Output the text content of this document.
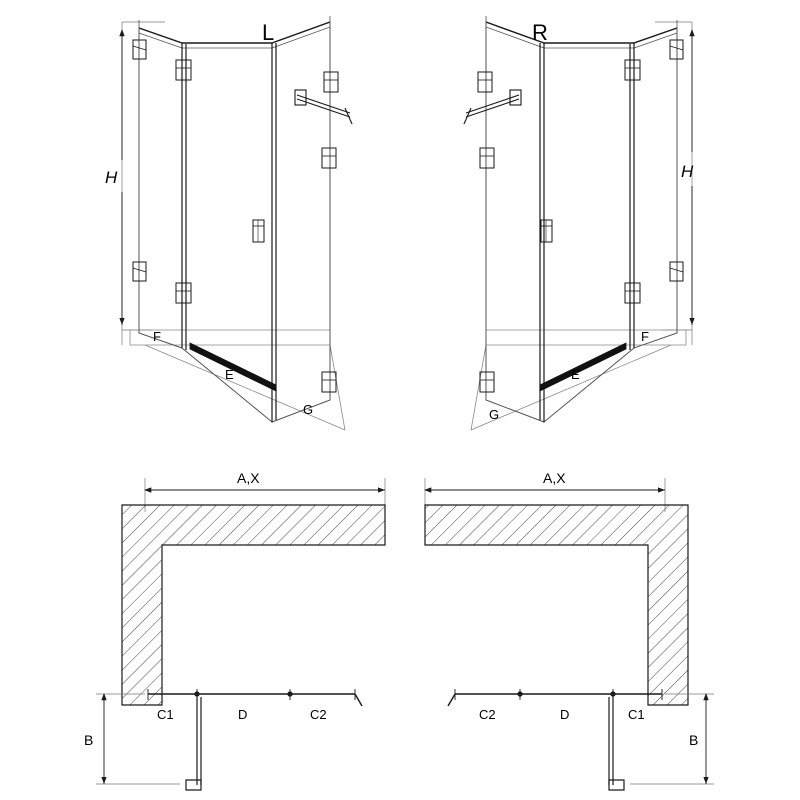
H
F
E
G
L
H
F
E
G
R
A,X
B
C1	D	C2
A,X
B
C2	D	C1
